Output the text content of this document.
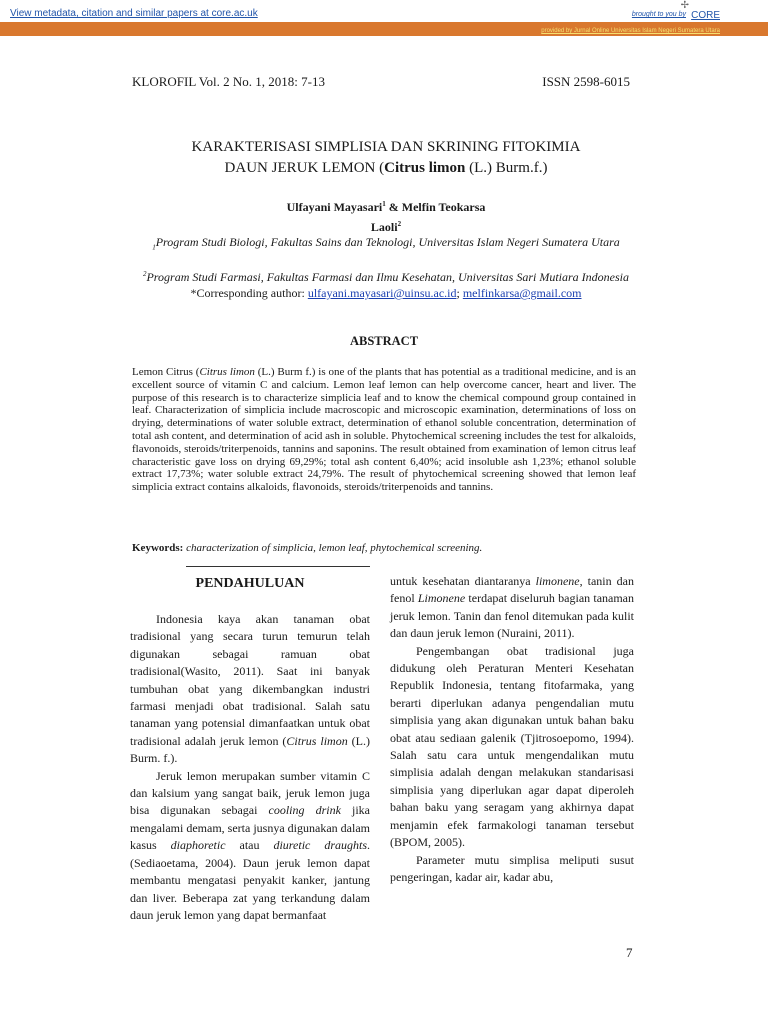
View metadata, citation and similar papers at core.ac.uk
✢
brought to you by CORE
provided by Jurnal Online Universitas Islam Negeri Sumatera Utara
KLOROFIL Vol. 2 No. 1, 2018: 7-13	ISSN 2598-6015
KARAKTERISASI SIMPLISIA DAN SKRINING FITOKIMIA
DAUN JERUK LEMON (Citrus limon (L.) Burm.f.)
Ulfayani Mayasari$^1$ & Melfin Teokarsa
Laoli$^2$
$_1$Program Studi Biologi, Fakultas Sains dan Teknologi, Universitas Islam Negeri Sumatera Utara
$^2$Program Studi Farmasi, Fakultas Farmasi dan Ilmu Kesehatan, Universitas Sari Mutiara Indonesia *Corresponding author: ulfayani.mayasari@uinsu.ac.id; melfinkarsa@gmail.com
ABSTRACT

Lemon Citrus (Citrus limon (L.) Burm f.) is one of the plants that has potential as a traditional medicine, and is an excellent source of vitamin C and calcium. Lemon leaf lemon can help overcome cancer, heart and liver. The purpose of this research is to characterize simplicia leaf and to know the chemical compound group contained in leaf. Characterization of simplicia include macroscopic and microscopic examination, determinations of loss on drying, determinations of water soluble extract, determination of ethanol soluble concentration, determination of total ash content, and determination of acid ash in soluble. Phytochemical screening includes the test for alkaloids, flavonoids, steroids/triterpenoids, tannins and saponins. The result obtained from examination of lemon citrus leaf characteristic gave loss on drying 69,29%; total ash content 6,40%; acid insoluble ash 1,23%; ethanol soluble extract 17,73%; water soluble extract 24,79%. The result of phytochemical screening showed that lemon leaf simplicia extract contains alkaloids, flavonoids, steroids/triterpenoids and tannins.

Keywords: characterization of simplicia, lemon leaf, phytochemical screening.
PENDAHULUAN

Indonesia kaya akan tanaman obat tradisional yang secara turun temurun telah digunakan sebagai ramuan obat tradisional(Wasito, 2011). Saat ini banyak tumbuhan obat yang dikembangkan industri farmasi menjadi obat tradisional. Salah satu tanaman yang potensial dimanfaatkan untuk obat tradisional adalah jeruk lemon (Citrus limon (L.) Burm. f.).

Jeruk lemon merupakan sumber vitamin C dan kalsium yang sangat baik, jeruk lemon juga bisa digunakan sebagai cooling drink jika mengalami demam, serta jusnya digunakan dalam kasus diaphoretic atau diuretic draughts. (Sediaoetama, 2004). Daun jeruk lemon dapat membantu mengatasi penyakit kanker, jantung dan liver. Beberapa zat yang terkandung dalam daun jeruk lemon yang dapat bermanfaat

untuk kesehatan diantaranya limonene, tanin dan fenol Limonene terdapat diseluruh bagian tanaman jeruk lemon. Tanin dan fenol ditemukan pada kulit dan daun jeruk lemon (Nuraini, 2011).

Pengembangan obat tradisional juga didukung oleh Peraturan Menteri Kesehatan Republik Indonesia, tentang fitofarmaka, yang berarti diperlukan adanya pengendalian mutu simplisia yang akan digunakan untuk bahan baku obat atau sediaan galenik (Tjitrosoepomo, 1994). Salah satu cara untuk mengendalikan mutu simplisia adalah dengan melakukan standarisasi simplisia yang diperlukan agar dapat diperoleh bahan baku yang seragam yang akhirnya dapat menjamin efek farmakologi tanaman tersebut (BPOM, 2005).

Parameter mutu simplisa meliputi susut pengeringan, kadar air, kadar abu,

7
